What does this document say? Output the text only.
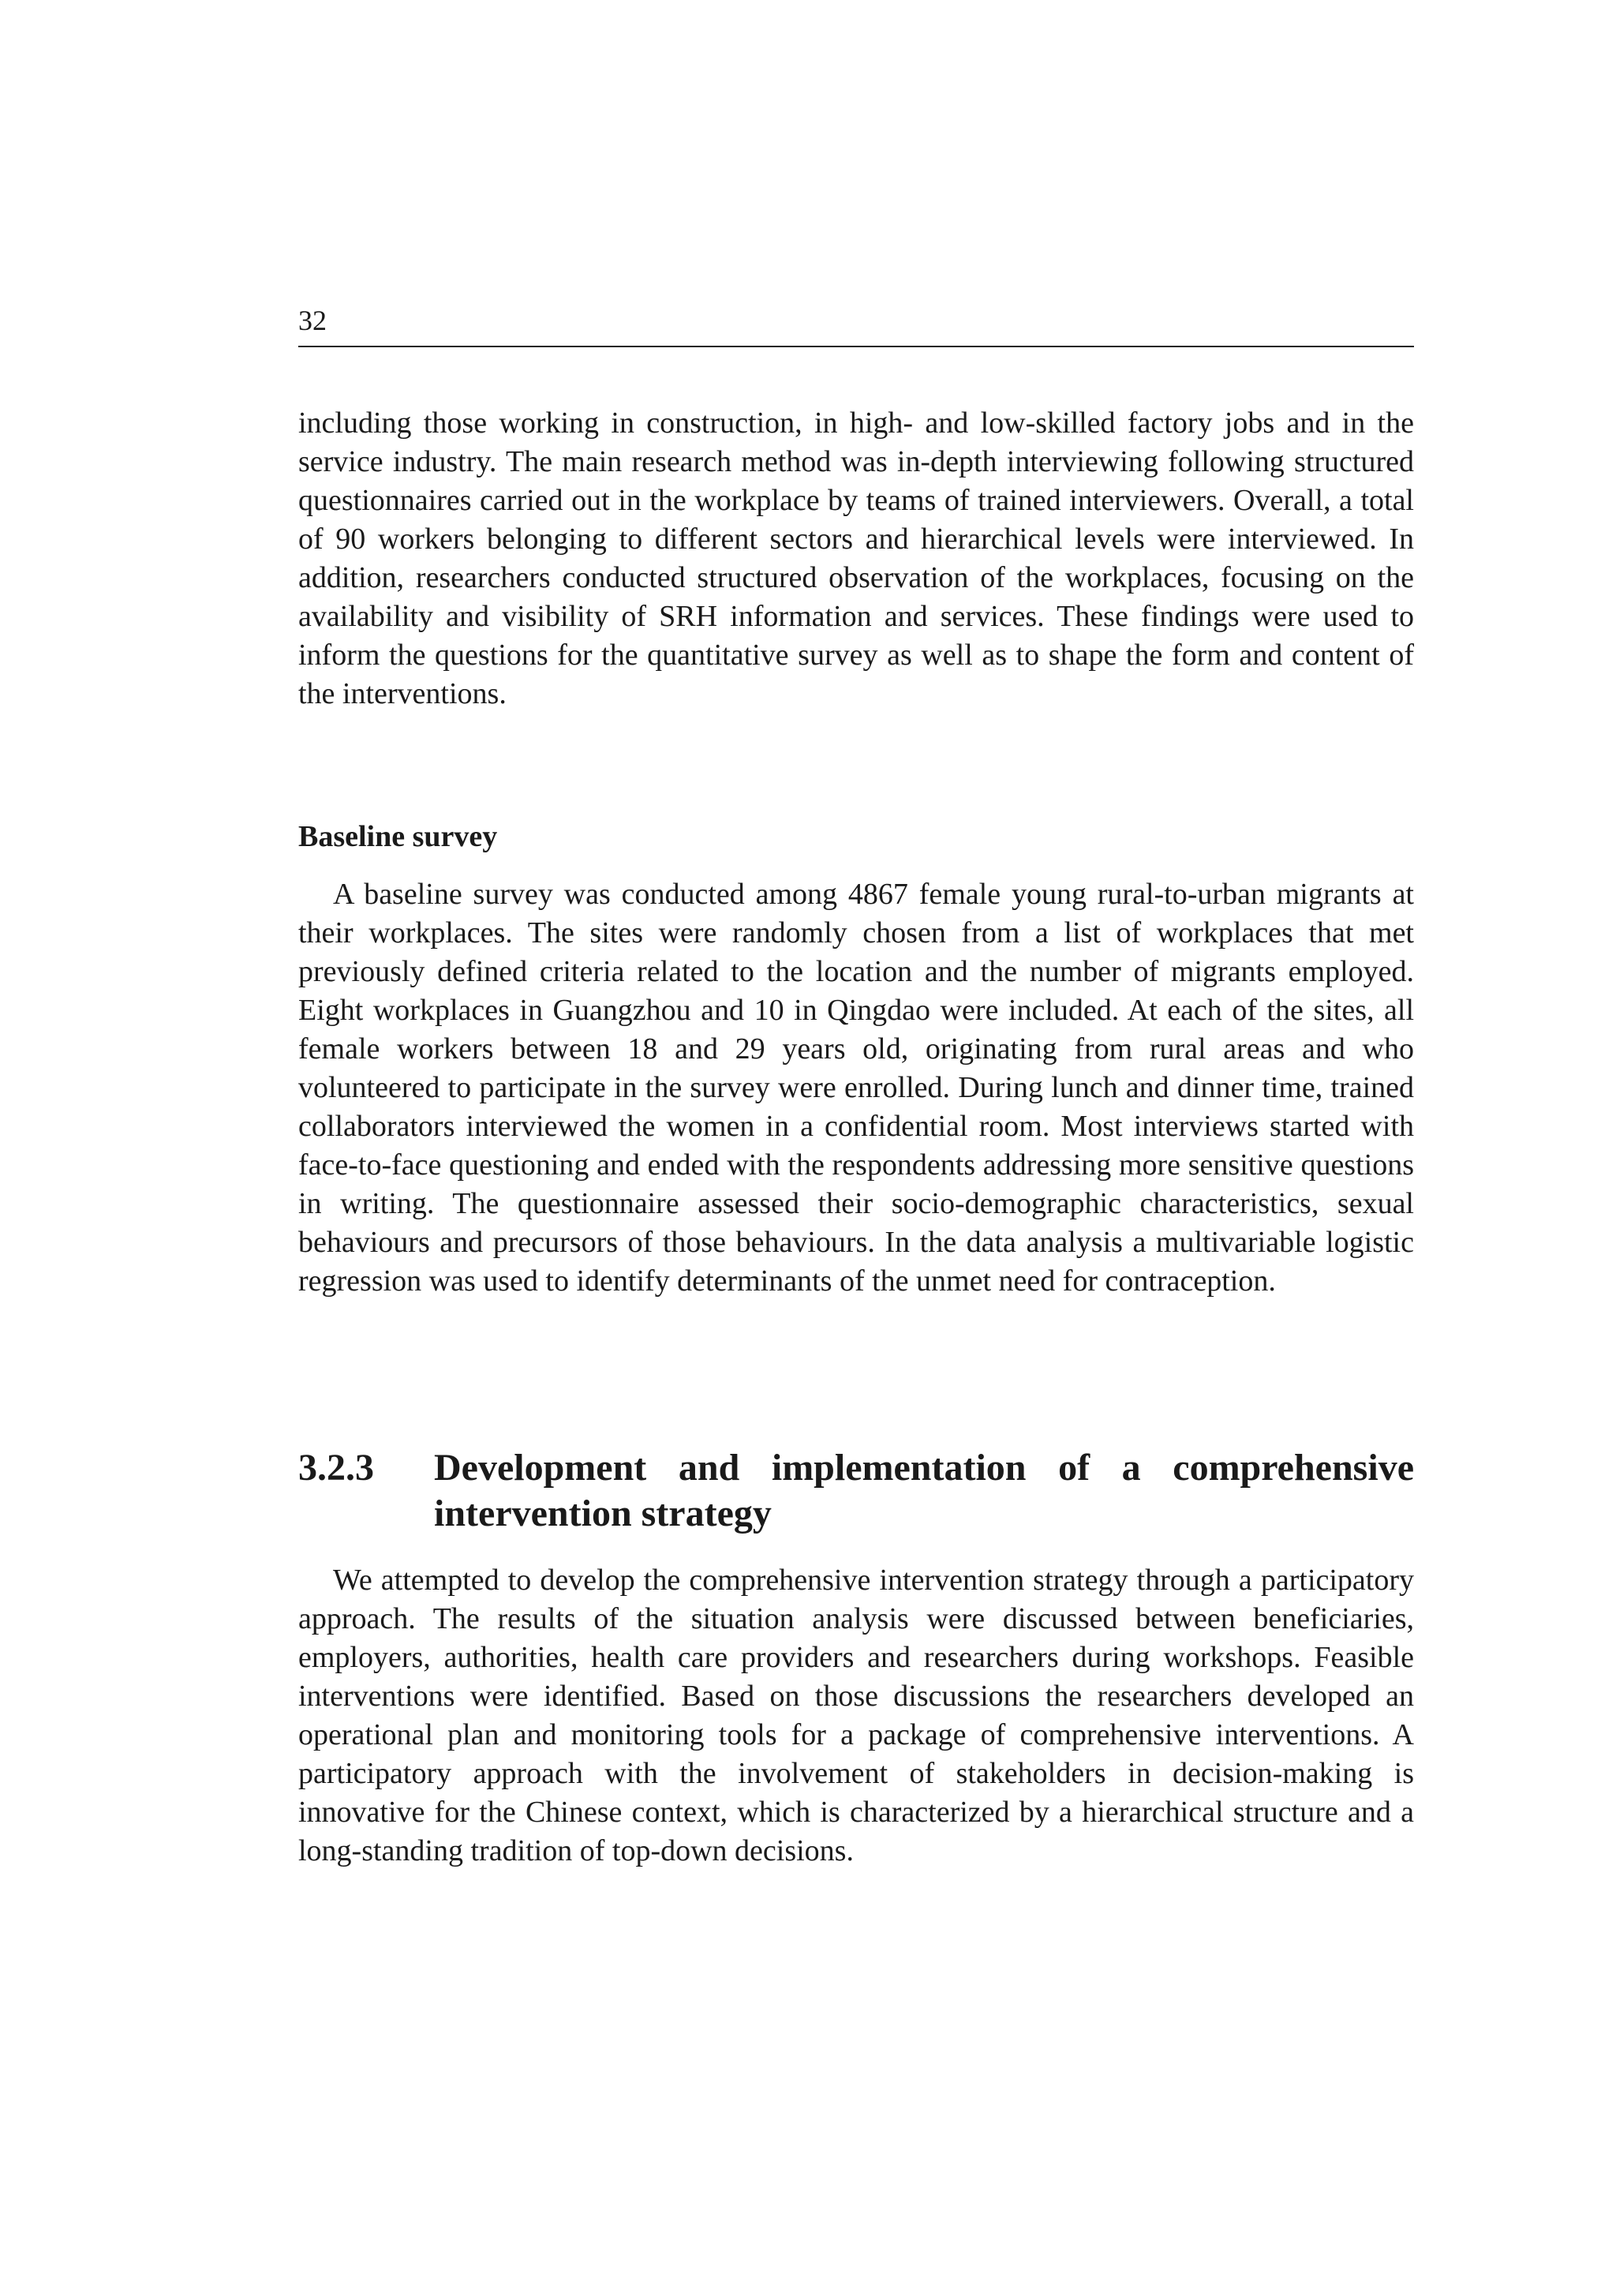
32

including those working in construction, in high- and low-skilled factory jobs and in the service industry. The main research method was in-depth interviewing following structured questionnaires carried out in the workplace by teams of trained interviewers. Overall, a total of 90 workers belonging to different sectors and hierarchical levels were interviewed. In addition, researchers conducted structured observation of the workplaces, focusing on the availability and visibility of SRH information and services. These findings were used to inform the questions for the quantitative survey as well as to shape the form and content of the interventions.

Baseline survey

A baseline survey was conducted among 4867 female young rural-to-urban migrants at their workplaces. The sites were randomly chosen from a list of workplaces that met previously defined criteria related to the location and the number of migrants employed. Eight workplaces in Guangzhou and 10 in Qingdao were included. At each of the sites, all female workers between 18 and 29 years old, originating from rural areas and who volunteered to participate in the survey were enrolled. During lunch and dinner time, trained collaborators interviewed the women in a confidential room. Most interviews started with face-to-face questioning and ended with the respondents addressing more sensitive questions in writing. The questionnaire assessed their socio-demographic characteristics, sexual behaviours and precursors of those behaviours. In the data analysis a multivariable logistic regression was used to identify determinants of the unmet need for contraception.

3.2.3	Development and implementation of a comprehensive intervention strategy

We attempted to develop the comprehensive intervention strategy through a participatory approach. The results of the situation analysis were discussed between beneficiaries, employers, authorities, health care providers and researchers during workshops. Feasible interventions were identified. Based on those discussions the researchers developed an operational plan and monitoring tools for a package of comprehensive interventions. A participatory approach with the involvement of stakeholders in decision-making is innovative for the Chinese context, which is characterized by a hierarchical structure and a long-standing tradition of top-down decisions.
